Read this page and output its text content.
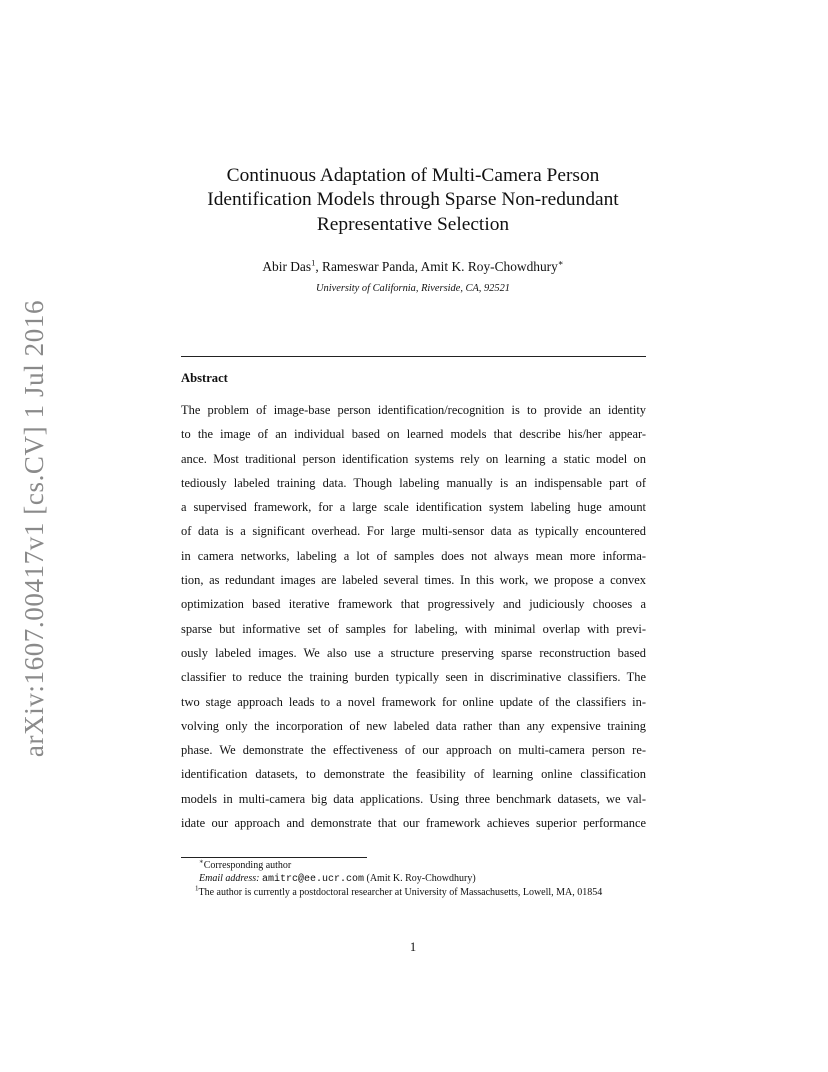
arXiv:1607.00417v1 [cs.CV] 1 Jul 2016
Continuous Adaptation of Multi-Camera Person
Identification Models through Sparse Non-redundant
Representative Selection
Abir Das$^1$, Rameswar Panda, Amit K. Roy-Chowdhury∗
University of California, Riverside, CA, 92521
Abstract
The problem of image-base person identification/recognition is to provide an identity
to the image of an individual based on learned models that describe his/her appear-
ance. Most traditional person identification systems rely on learning a static model on
tediously labeled training data. Though labeling manually is an indispensable part of
a supervised framework, for a large scale identification system labeling huge amount
of data is a significant overhead. For large multi-sensor data as typically encountered
in camera networks, labeling a lot of samples does not always mean more informa-
tion, as redundant images are labeled several times. In this work, we propose a convex
optimization based iterative framework that progressively and judiciously chooses a
sparse but informative set of samples for labeling, with minimal overlap with previ-
ously labeled images. We also use a structure preserving sparse reconstruction based
classifier to reduce the training burden typically seen in discriminative classifiers. The
two stage approach leads to a novel framework for online update of the classifiers in-
volving only the incorporation of new labeled data rather than any expensive training
phase. We demonstrate the effectiveness of our approach on multi-camera person re-
identification datasets, to demonstrate the feasibility of learning online classification
models in multi-camera big data applications. Using three benchmark datasets, we val-
idate our approach and demonstrate that our framework achieves superior performance
∗Corresponding author
Email address: amitrc@ee.ucr.com (Amit K. Roy-Chowdhury)
$^1$The author is currently a postdoctoral researcher at University of Massachusetts, Lowell, MA, 01854
1
